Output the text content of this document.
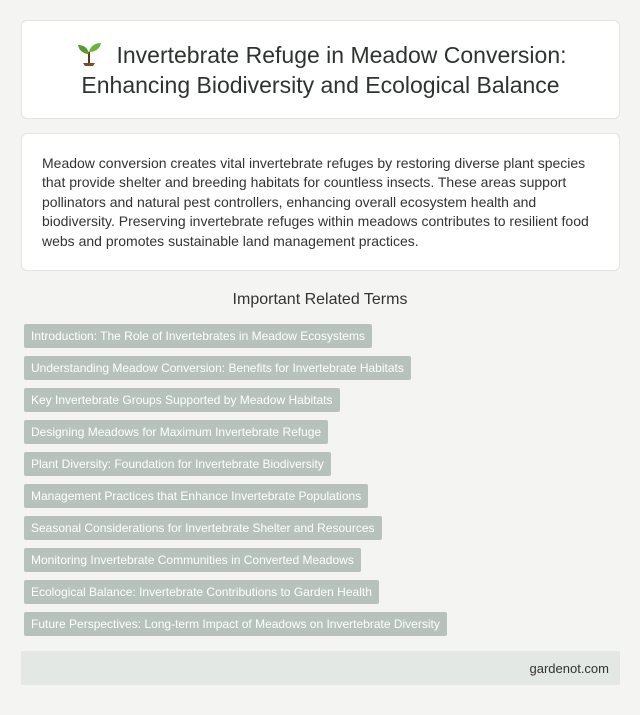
Invertebrate Refuge in Meadow Conversion: Enhancing Biodiversity and Ecological Balance

Meadow conversion creates vital invertebrate refuges by restoring diverse plant species that provide shelter and breeding habitats for countless insects. These areas support pollinators and natural pest controllers, enhancing overall ecosystem health and biodiversity. Preserving invertebrate refuges within meadows contributes to resilient food webs and promotes sustainable land management practices.

Important Related Terms
Introduction: The Role of Invertebrates in Meadow Ecosystems
Understanding Meadow Conversion: Benefits for Invertebrate Habitats
Key Invertebrate Groups Supported by Meadow Habitats
Designing Meadows for Maximum Invertebrate Refuge
Plant Diversity: Foundation for Invertebrate Biodiversity
Management Practices that Enhance Invertebrate Populations
Seasonal Considerations for Invertebrate Shelter and Resources
Monitoring Invertebrate Communities in Converted Meadows
Ecological Balance: Invertebrate Contributions to Garden Health
Future Perspectives: Long-term Impact of Meadows on Invertebrate Diversity
gardenot.com
